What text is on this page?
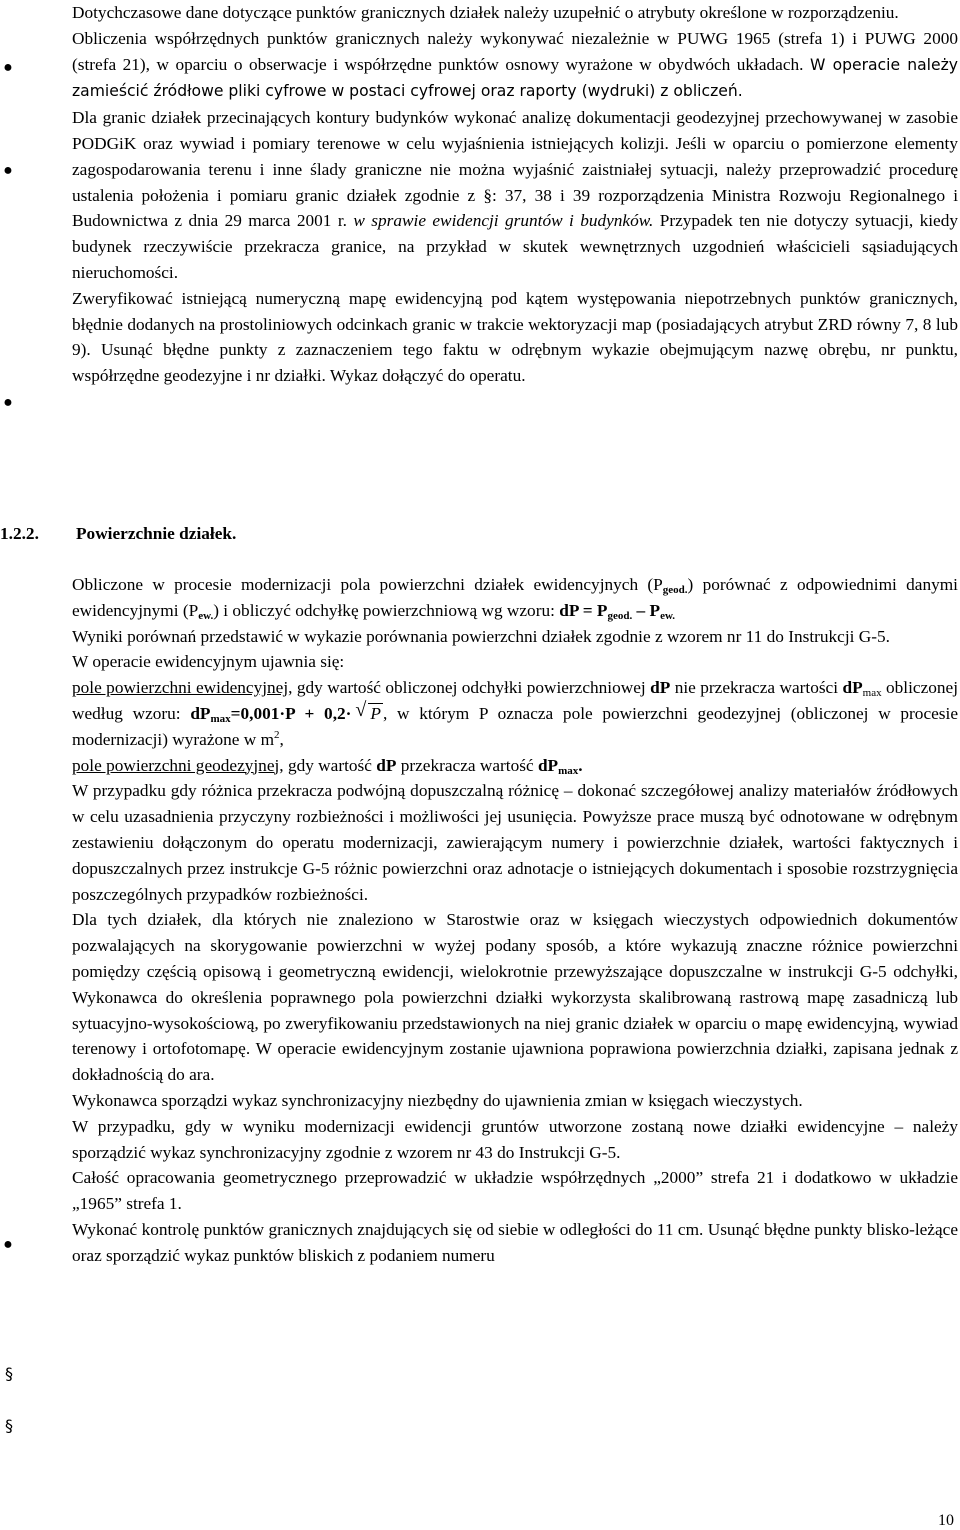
Dotychczasowe dane dotyczące punktów granicznych działek należy uzupełnić o atrybuty określone w rozporządzeniu.

Obliczenia współrzędnych punktów granicznych należy wykonywać niezależnie w PUWG 1965 (strefa 1) i PUWG 2000 (strefa 21), w oparciu o obserwacje i współrzędne punktów osnowy wyrażone w obydwóch układach. W operacie należy zamieścić źródłowe pliki cyfrowe w postaci cyfrowej oraz raporty (wydruki) z obliczeń.

Dla granic działek przecinających kontury budynków wykonać analizę dokumentacji geodezyjnej przechowywanej w zasobie PODGiK oraz wywiad i pomiary terenowe w celu wyjaśnienia istniejących kolizji. Jeśli w oparciu o pomierzone elementy zagospodarowania terenu i inne ślady graniczne nie można wyjaśnić zaistniałej sytuacji, należy przeprowadzić procedurę ustalenia położenia i pomiaru granic działek zgodnie z §: 37, 38 i 39 rozporządzenia Ministra Rozwoju Regionalnego i Budownictwa z dnia 29 marca 2001 r. w sprawie ewidencji gruntów i budynków. Przypadek ten nie dotyczy sytuacji, kiedy budynek rzeczywiście przekracza granice, na przykład w skutek wewnętrznych uzgodnień właścicieli sąsiadujących nieruchomości.

Zweryfikować istniejącą numeryczną mapę ewidencyjną pod kątem występowania niepotrzebnych punktów granicznych, błędnie dodanych na prostoliniowych odcinkach granic w trakcie wektoryzacji map (posiadających atrybut ZRD równy 7, 8 lub 9). Usunąć błędne punkty z zaznaczeniem tego faktu w odrębnym wykazie obejmującym nazwę obrębu, nr punktu, współrzędne geodezyjne i nr działki. Wykaz dołączyć do operatu.

●
●
●
1.2.2. Powierzchnie działek.

Obliczone w procesie modernizacji pola powierzchni działek ewidencyjnych $(P_{geod.})$ porównać z odpowiednimi danymi ewidencyjnymi $(P_{ew.})$ i obliczyć odchyłkę powierzchniową wg wzoru: dP = $P_{geod.} - P_{ew.}$

Wyniki porównań przedstawić w wykazie porównania powierzchni działek zgodnie z wzorem nr 11 do Instrukcji G-5.

W operacie ewidencyjnym ujawnia się:

pole powierzchni ewidencyjnej, gdy wartość obliczonej odchyłki powierzchniowej dP nie przekracza wartości $dP_{max}$ obliczonej według wzoru: $dP_{max}=0,001\cdot P + 0,2\cdot$ √ P , w którym P oznacza pole powierzchni geodezyjnej (obliczonej w procesie modernizacji) wyrażone w $m^2$,

pole powierzchni geodezyjnej, gdy wartość dP przekracza wartość $dP_{max}$.

W przypadku gdy różnica przekracza podwójną dopuszczalną różnicę – dokonać szczegółowej analizy materiałów źródłowych w celu uzasadnienia przyczyny rozbieżności i możliwości jej usunięcia. Powyższe prace muszą być odnotowane w odrębnym zestawieniu dołączonym do operatu modernizacji, zawierającym numery i powierzchnie działek, wartości faktycznych i dopuszczalnych przez instrukcje G-5 różnic powierzchni oraz adnotacje o istniejących dokumentach i sposobie rozstrzygnięcia poszczególnych przypadków rozbieżności.

Dla tych działek, dla których nie znaleziono w Starostwie oraz w księgach wieczystych odpowiednich dokumentów pozwalających na skorygowanie powierzchni w wyżej podany sposób, a które wykazują znaczne różnice powierzchni pomiędzy częścią opisową i geometryczną ewidencji, wielokrotnie przewyższające dopuszczalne w instrukcji G-5 odchyłki, Wykonawca do określenia poprawnego pola powierzchni działki wykorzysta skalibrowaną rastrową mapę zasadniczą lub sytuacyjno-wysokościową, po zweryfikowaniu przedstawionych na niej granic działek w oparciu o mapę ewidencyjną, wywiad terenowy i ortofotomapę. W operacie ewidencyjnym zostanie ujawniona poprawiona powierzchnia działki, zapisana jednak z dokładnością do ara.

Wykonawca sporządzi wykaz synchronizacyjny niezbędny do ujawnienia zmian w księgach wieczystych.

W przypadku, gdy w wyniku modernizacji ewidencji gruntów utworzone zostaną nowe działki ewidencyjne – należy sporządzić wykaz synchronizacyjny zgodnie z wzorem nr 43 do Instrukcji G-5.

Całość opracowania geometrycznego przeprowadzić w układzie współrzędnych „2000” strefa 21 i dodatkowo w układzie „1965” strefa 1.

Wykonać kontrolę punktów granicznych znajdujących się od siebie w odległości do 11 cm. Usunąć błędne punkty blisko-leżące oraz sporządzić wykaz punktów bliskich z podaniem numeru

●
§
§
10
